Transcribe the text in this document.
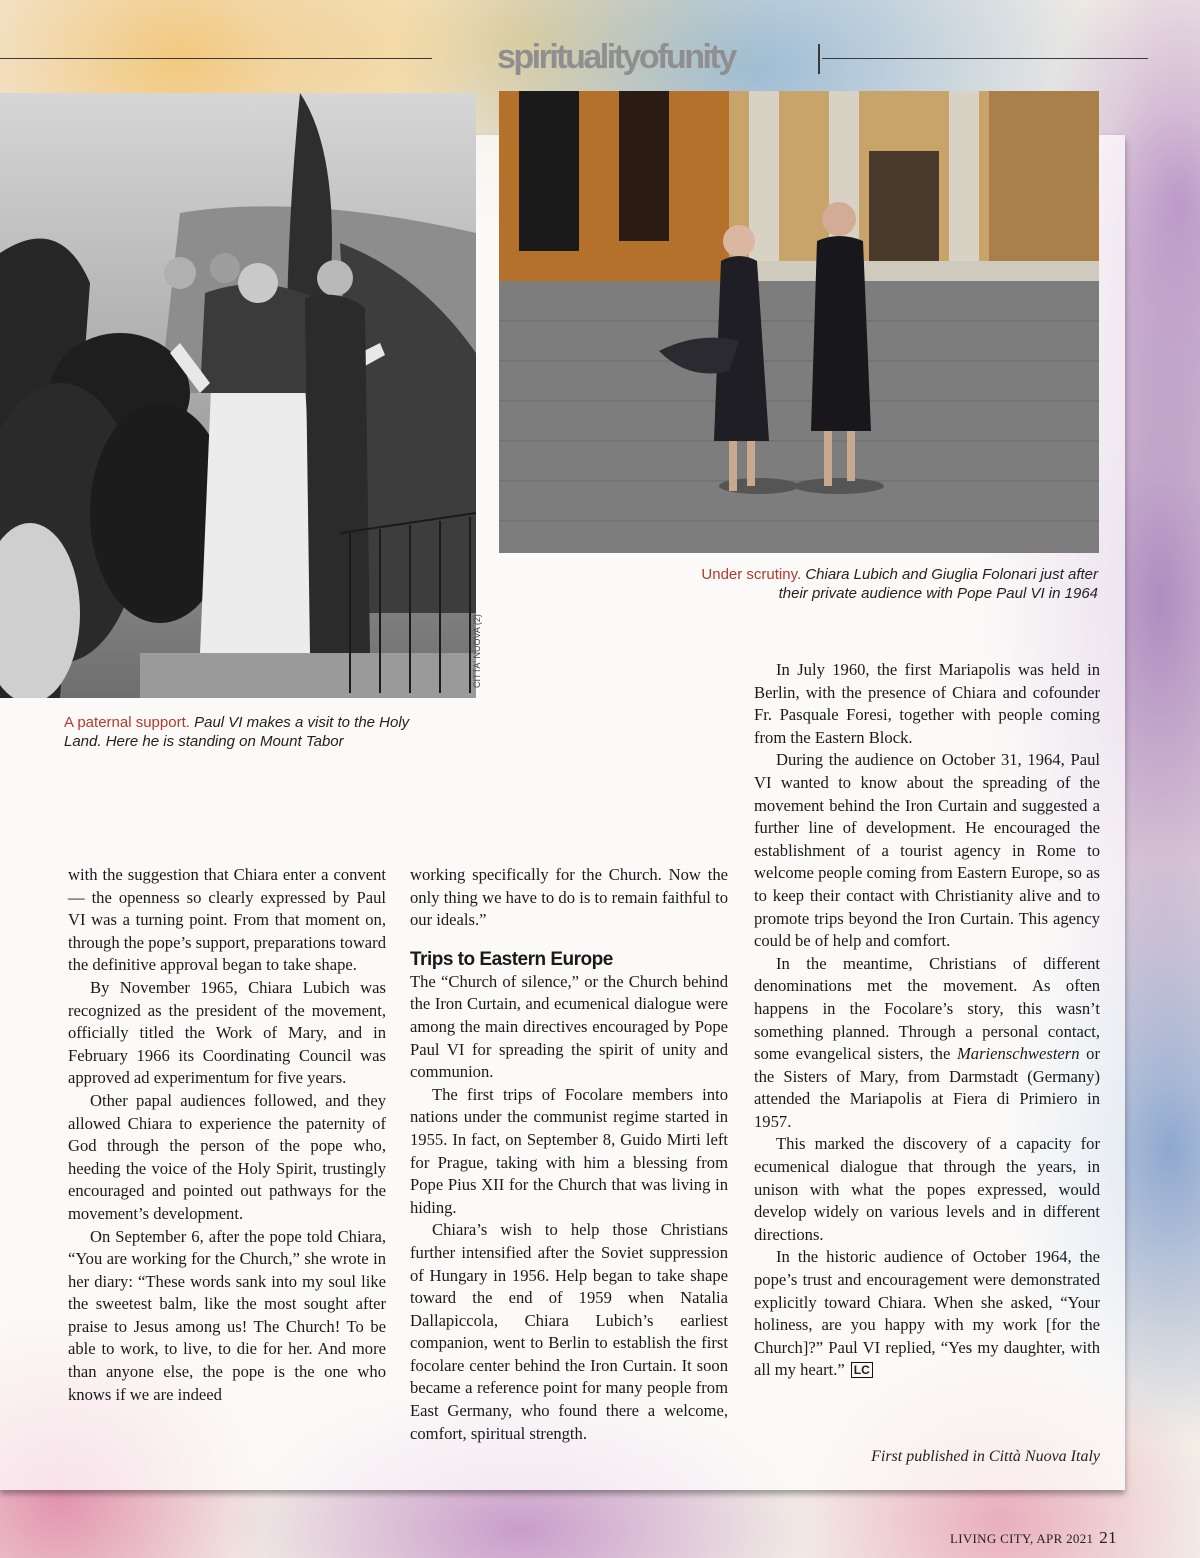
spiritualityofunity
CITTA' NUOVA (2)
Under scrutiny. Chiara Lubich and Giuglia Folonari just after their private audience with Pope Paul VI in 1964
A paternal support. Paul VI makes a visit to the Holy Land. Here he is standing on Mount Tabor

with the suggestion that Chiara enter a convent — the openness so clearly expressed by Paul VI was a turning point. From that moment on, through the pope’s support, preparations toward the definitive approval began to take shape.

By November 1965, Chiara Lubich was recognized as the president of the movement, officially titled the Work of Mary, and in February 1966 its Coordinating Council was approved ad experimentum for five years.

Other papal audiences followed, and they allowed Chiara to experience the paternity of God through the person of the pope who, heeding the voice of the Holy Spirit, trustingly encouraged and pointed out pathways for the movement’s development.

On September 6, after the pope told Chiara, “You are working for the Church,” she wrote in her diary: “These words sank into my soul like the sweetest balm, like the most sought after praise to Jesus among us! The Church! To be able to work, to live, to die for her. And more than anyone else, the pope is the one who knows if we are indeed

working specifically for the Church. Now the only thing we have to do is to remain faithful to our ideals.”

Trips to Eastern Europe

The “Church of silence,” or the Church behind the Iron Curtain, and ecumenical dialogue were among the main directives encouraged by Pope Paul VI for spreading the spirit of unity and communion.

The first trips of Focolare members into nations under the communist regime started in 1955. In fact, on September 8, Guido Mirti left for Prague, taking with him a blessing from Pope Pius XII for the Church that was living in hiding.

Chiara’s wish to help those Christians further intensified after the Soviet suppression of Hungary in 1956. Help began to take shape toward the end of 1959 when Natalia Dallapiccola, Chiara Lubich’s earliest companion, went to Berlin to establish the first focolare center behind the Iron Curtain. It soon became a reference point for many people from East Germany, who found there a welcome, comfort, spiritual strength.

In July 1960, the first Mariapolis was held in Berlin, with the presence of Chiara and cofounder Fr. Pasquale Foresi, together with people coming from the Eastern Block.

During the audience on October 31, 1964, Paul VI wanted to know about the spreading of the movement behind the Iron Curtain and suggested a further line of development. He encouraged the establishment of a tourist agency in Rome to welcome people coming from Eastern Europe, so as to keep their contact with Christianity alive and to promote trips beyond the Iron Curtain. This agency could be of help and comfort.

In the meantime, Christians of different denominations met the movement. As often happens in the Focolare’s story, this wasn’t something planned. Through a personal contact, some evangelical sisters, the Marienschwestern or the Sisters of Mary, from Darmstadt (Germany) attended the Mariapolis at Fiera di Primiero in 1957.

This marked the discovery of a capacity for ecumenical dialogue that through the years, in unison with what the popes expressed, would develop widely on various levels and in different directions.

In the historic audience of October 1964, the pope’s trust and encouragement were demonstrated explicitly toward Chiara. When she asked, “Your holiness, are you happy with my work [for the Church]?” Paul VI replied, “Yes my daughter, with all my heart.” LC

First published in Città Nuova Italy
LIVING CITY, APR 2021 21
